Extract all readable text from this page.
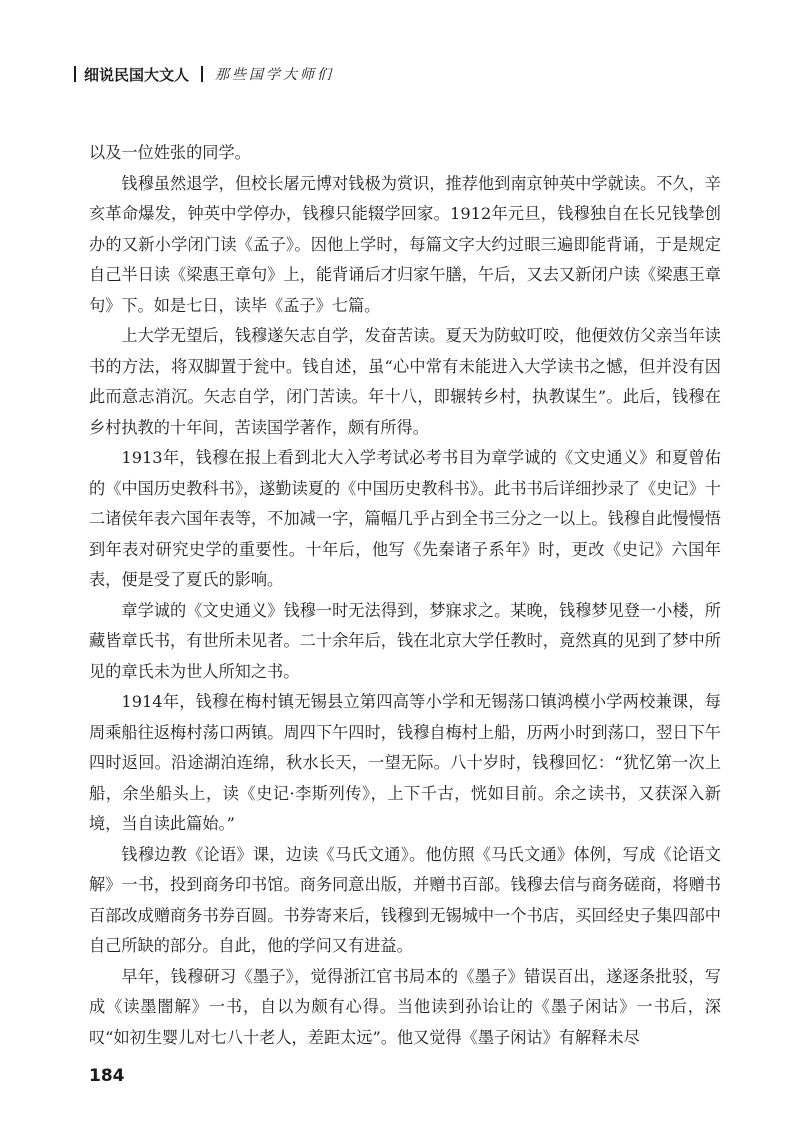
细说民国大文人 那些国学大师们

以及一位姓张的同学。

钱穆虽然退学，但校长屠元博对钱极为赏识，推荐他到南京钟英中学就读。不久，辛亥革命爆发，钟英中学停办，钱穆只能辍学回家。1912年元旦，钱穆独自在长兄钱挚创办的又新小学闭门读《孟子》。因他上学时，每篇文字大约过眼三遍即能背诵，于是规定自己半日读《梁惠王章句》上，能背诵后才归家午膳，午后，又去又新闭户读《梁惠王章句》下。如是七日，读毕《孟子》七篇。

上大学无望后，钱穆遂矢志自学，发奋苦读。夏天为防蚊叮咬，他便效仿父亲当年读书的方法，将双脚置于瓮中。钱自述，虽“心中常有未能进入大学读书之憾，但并没有因此而意志消沉。矢志自学，闭门苦读。年十八，即辗转乡村，执教谋生”。此后，钱穆在乡村执教的十年间，苦读国学著作，颇有所得。

1913年，钱穆在报上看到北大入学考试必考书目为章学诚的《文史通义》和夏曾佑的《中国历史教科书》，遂勤读夏的《中国历史教科书》。此书书后详细抄录了《史记》十二诸侯年表六国年表等，不加减一字，篇幅几乎占到全书三分之一以上。钱穆自此慢慢悟到年表对研究史学的重要性。十年后，他写《先秦诸子系年》时，更改《史记》六国年表，便是受了夏氏的影响。

章学诚的《文史通义》钱穆一时无法得到，梦寐求之。某晚，钱穆梦见登一小楼，所藏皆章氏书，有世所未见者。二十余年后，钱在北京大学任教时，竟然真的见到了梦中所见的章氏未为世人所知之书。

1914年，钱穆在梅村镇无锡县立第四高等小学和无锡荡口镇鸿模小学两校兼课，每周乘船往返梅村荡口两镇。周四下午四时，钱穆自梅村上船，历两小时到荡口，翌日下午四时返回。沿途湖泊连绵，秋水长天，一望无际。八十岁时，钱穆回忆：“犹忆第一次上船，余坐船头上，读《史记·李斯列传》，上下千古，恍如目前。余之读书，又获深入新境，当自读此篇始。”

钱穆边教《论语》课，边读《马氏文通》。他仿照《马氏文通》体例，写成《论语文解》一书，投到商务印书馆。商务同意出版，并赠书百部。钱穆去信与商务磋商，将赠书百部改成赠商务书券百圆。书券寄来后，钱穆到无锡城中一个书店，买回经史子集四部中自己所缺的部分。自此，他的学问又有进益。

早年，钱穆研习《墨子》，觉得浙江官书局本的《墨子》错误百出，遂逐条批驳，写成《读墨闇解》一书，自以为颇有心得。当他读到孙诒让的《墨子闲诂》一书后，深叹“如初生婴儿对七八十老人，差距太远”。他又觉得《墨子闲诂》有解释未尽

184
